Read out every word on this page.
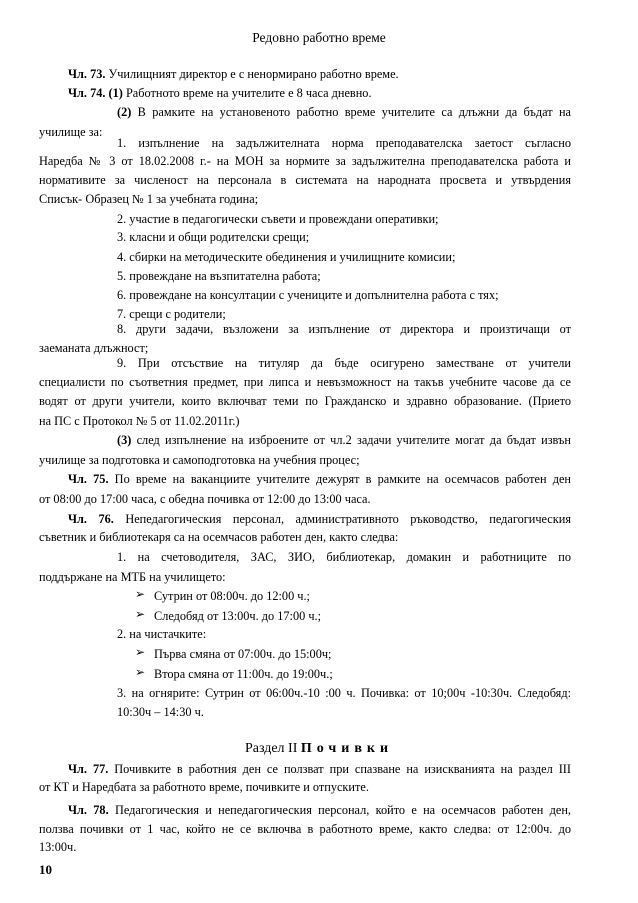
Редовно работно време
Чл. 73. Училищният директор е с ненормирано работно време.
Чл. 74. (1) Работното време на учителите е 8 часа дневно.
(2) В рамките на установеното работно време учителите са длъжни да бъдат на
училище за:
1. изпълнение на задължителната норма преподавателска заетост съгласно
Наредба № 3 от 18.02.2008 г.- на МОН за нормите за задължителна преподавателска работа и
нормативите за численост на персонала в системата на народната просвета и утвърдения
Списък- Образец № 1 за учебната година;
2. участие в педагогически съвети и провеждани оперативки;
3. класни и общи родителски срещи;
4. сбирки на методическите обединения и училищните комисии;
5. провеждане на възпитателна работа;
6. провеждане на консултации с учениците и допълнителна работа с тях;
7. срещи с родители;
8. други задачи, възложени за изпълнение от директора и произтичащи от
заеманата длъжност;
9. При отсъствие на титуляр да бъде осигурено заместване от учители
специалисти по съответния предмет, при липса и невъзможност на такъв учебните часове да се
водят от други учители, които включват теми по Гражданско и здравно образование. (Прието
на ПС с Протокол № 5 от 11.02.2011г.)
(3) след изпълнение на изброените от чл.2 задачи учителите могат да бъдат извън
училище за подготовка и самоподготовка на учебния процес;
Чл. 75. По време на ваканциите учителите дежурят в рамките на осемчасов работен ден
от 08:00 до 17:00 часа, с обедна почивка от 12:00 до 13:00 часа.
Чл. 76. Непедагогическия персонал, административното ръководство, педагогическия
съветник и библиотекаря са на осемчасов работен ден, както следва:
1. на счетоводителя, ЗАС, ЗИО, библиотекар, домакин и работниците по
поддържане на МТБ на училището:
➢ Сутрин от 08:00ч. до 12:00 ч.;
➢ Следобяд от 13:00ч. до 17:00 ч.;
2. на чистачките:
➢ Първа смяна от 07:00ч. до 15:00ч;
➢ Втора смяна от 11:00ч. до 19:00ч.;
3. на огнярите: Сутрин от 06:00ч.-10 :00 ч. Почивка: от 10;00ч -10:30ч. Следобяд:
10:30ч – 14:30 ч.
Раздел II Почивки
Чл. 77. Почивките в работния ден се ползват при спазване на изискванията на раздел III
от КТ и Наредбата за работното време, почивките и отпуските.
Чл. 78. Педагогическия и непедагогическия персонал, който е на осемчасов работен ден,
ползва почивки от 1 час, който не се включва в работното време, както следва: от 12:00ч. до
13:00ч.
10
